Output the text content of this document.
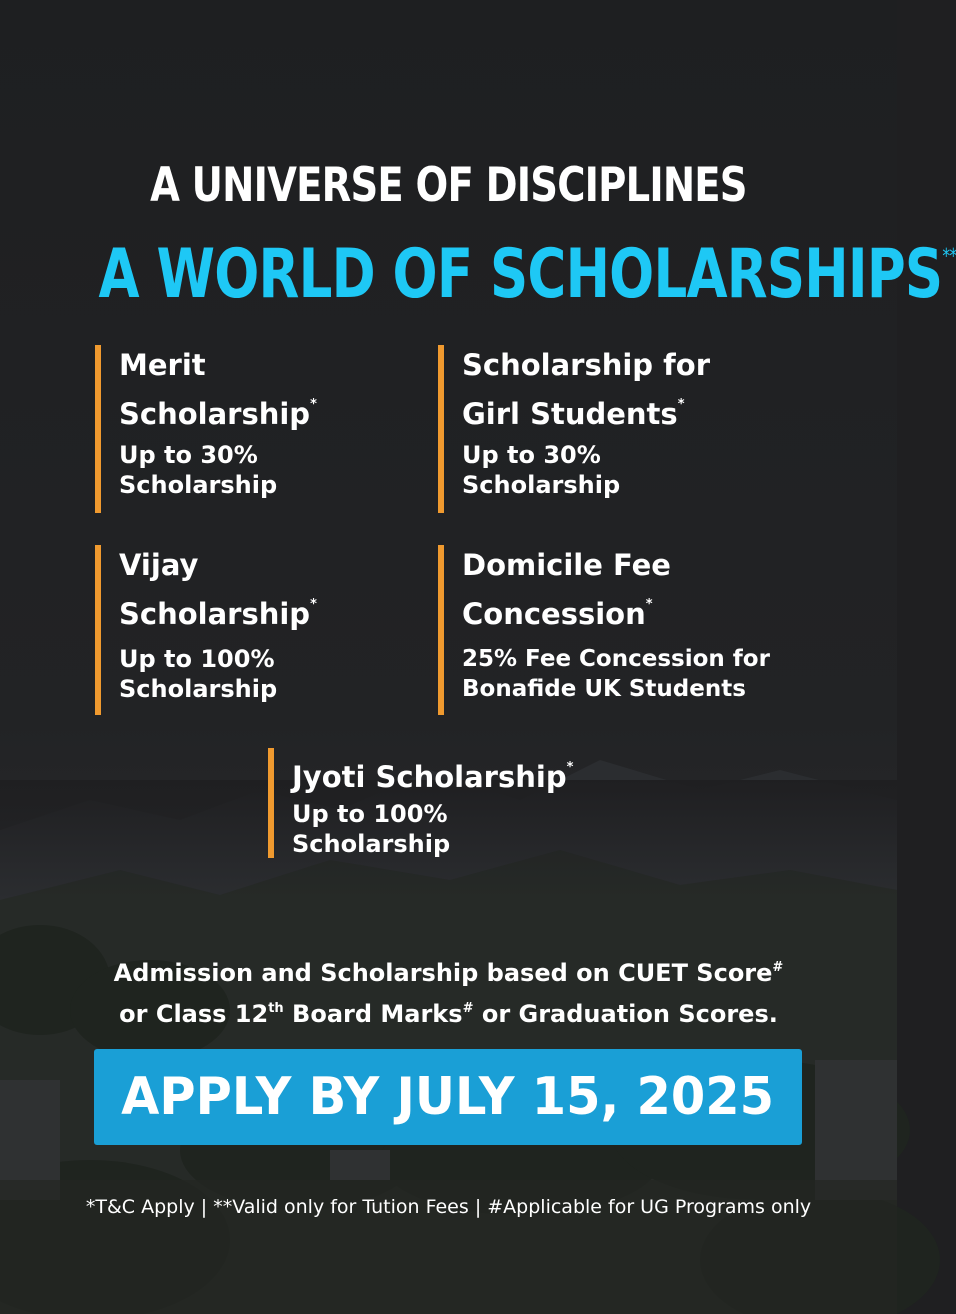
A UNIVERSE OF DISCIPLINES
A WORLD OF SCHOLARSHIPS**
Merit
Scholarship*
Up to 30%
Scholarship
Scholarship for
Girl Students*
Up to 30%
Scholarship
Vijay
Scholarship*
Up to 100%
Scholarship
Domicile Fee
Concession*
25% Fee Concession for
Bonafide UK Students
Jyoti Scholarship*
Up to 100%
Scholarship
Admission and Scholarship based on CUET Score#
or Class 12th Board Marks# or Graduation Scores.
APPLY BY JULY 15, 2025
*T&C Apply | **Valid only for Tution Fees | #Applicable for UG Programs only
